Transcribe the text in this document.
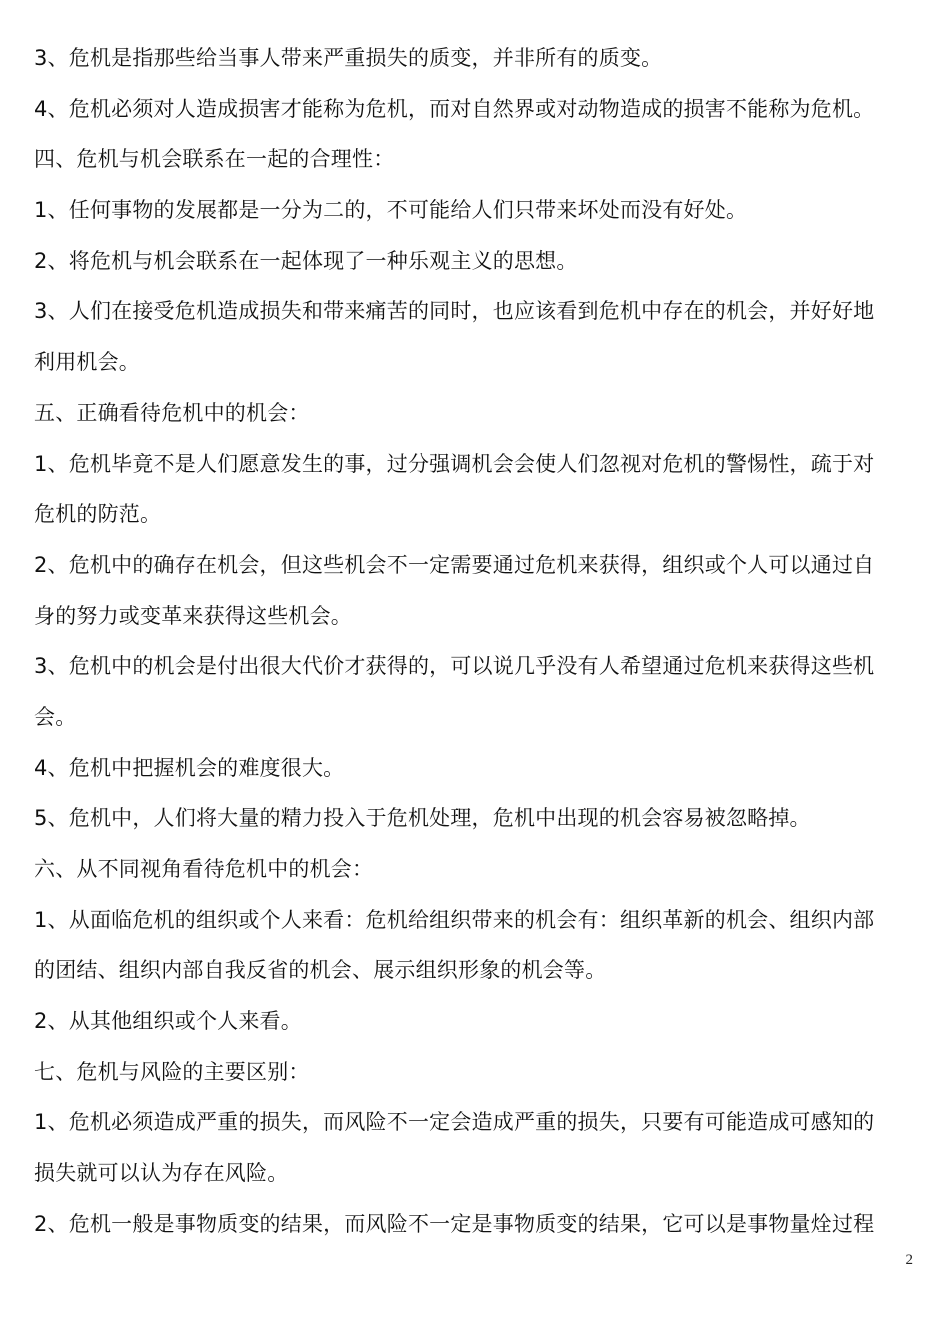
3、危机是指那些给当事人带来严重损失的质变，并非所有的质变。
4、危机必须对人造成损害才能称为危机，而对自然界或对动物造成的损害不能称为危机。
四、危机与机会联系在一起的合理性：
1、任何事物的发展都是一分为二的，不可能给人们只带来坏处而没有好处。
2、将危机与机会联系在一起体现了一种乐观主义的思想。
3、人们在接受危机造成损失和带来痛苦的同时，也应该看到危机中存在的机会，并好好地
利用机会。
五、正确看待危机中的机会：
1、危机毕竟不是人们愿意发生的事，过分强调机会会使人们忽视对危机的警惕性，疏于对
危机的防范。
2、危机中的确存在机会，但这些机会不一定需要通过危机来获得，组织或个人可以通过自
身的努力或变革来获得这些机会。
3、危机中的机会是付出很大代价才获得的，可以说几乎没有人希望通过危机来获得这些机
会。
4、危机中把握机会的难度很大。
5、危机中，人们将大量的精力投入于危机处理，危机中出现的机会容易被忽略掉。
六、从不同视角看待危机中的机会：
1、从面临危机的组织或个人来看：危机给组织带来的机会有：组织革新的机会、组织内部
的团结、组织内部自我反省的机会、展示组织形象的机会等。
2、从其他组织或个人来看。
七、危机与风险的主要区别：
1、危机必须造成严重的损失，而风险不一定会造成严重的损失，只要有可能造成可感知的
损失就可以认为存在风险。
2、危机一般是事物质变的结果，而风险不一定是事物质变的结果，它可以是事物量烇过程
2
